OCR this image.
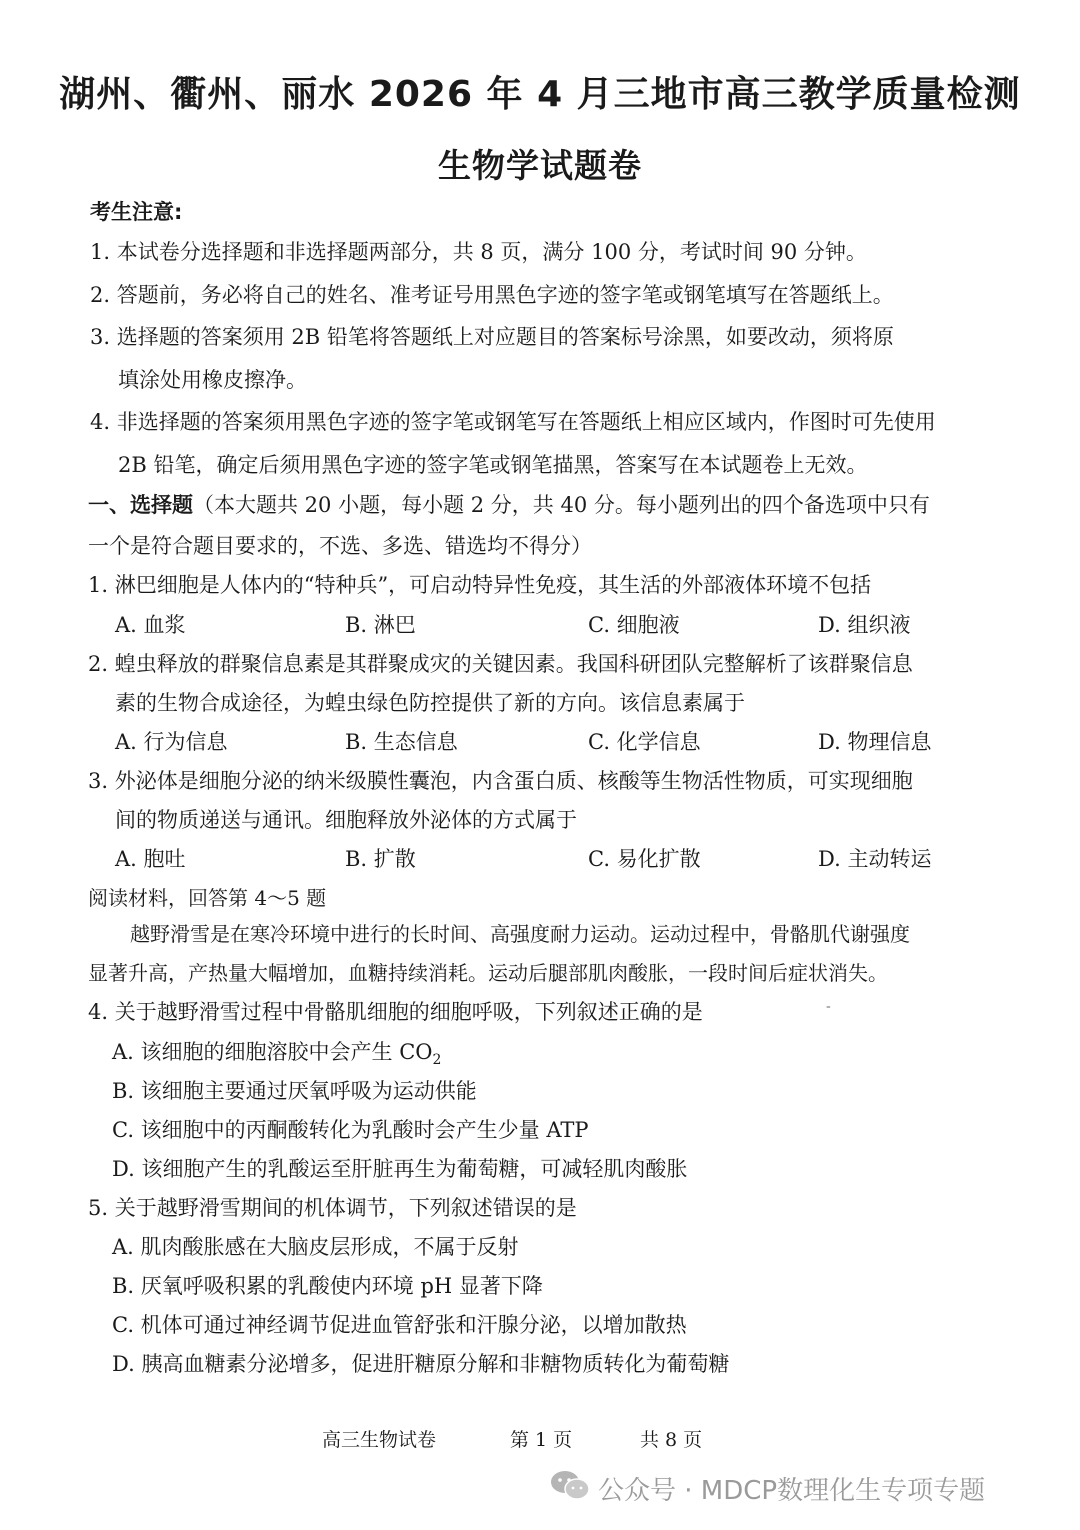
湖州、衢州、丽水 2026 年 4 月三地市高三教学质量检测
生物学试题卷
考生注意:
1. 本试卷分选择题和非选择题两部分，共 8 页，满分 100 分，考试时间 90 分钟。
2. 答题前，务必将自己的姓名、准考证号用黑色字迹的签字笔或钢笔填写在答题纸上。
3. 选择题的答案须用 2B 铅笔将答题纸上对应题目的答案标号涂黑，如要改动，须将原
填涂处用橡皮擦净。
4. 非选择题的答案须用黑色字迹的签字笔或钢笔写在答题纸上相应区域内，作图时可先使用
2B 铅笔，确定后须用黑色字迹的签字笔或钢笔描黑，答案写在本试题卷上无效。
一、选择题（本大题共 20 小题，每小题 2 分，共 40 分。每小题列出的四个备选项中只有
一个是符合题目要求的，不选、多选、错选均不得分）
1. 淋巴细胞是人体内的“特种兵”，可启动特异性免疫，其生活的外部液体环境不包括
A. 血浆	B. 淋巴	C. 细胞液	D. 组织液
2. 蝗虫释放的群聚信息素是其群聚成灾的关键因素。我国科研团队完整解析了该群聚信息
素的生物合成途径，为蝗虫绿色防控提供了新的方向。该信息素属于
A. 行为信息	B. 生态信息	C. 化学信息	D. 物理信息
3. 外泌体是细胞分泌的纳米级膜性囊泡，内含蛋白质、核酸等生物活性物质，可实现细胞
间的物质递送与通讯。细胞释放外泌体的方式属于
A. 胞吐	B. 扩散	C. 易化扩散	D. 主动转运
阅读材料，回答第 4～5 题
越野滑雪是在寒冷环境中进行的长时间、高强度耐力运动。运动过程中，骨骼肌代谢强度
显著升高，产热量大幅增加，血糖持续消耗。运动后腿部肌肉酸胀，一段时间后症状消失。
4. 关于越野滑雪过程中骨骼肌细胞的细胞呼吸，下列叙述正确的是	⁼
A. 该细胞的细胞溶胶中会产生 $CO_2$
B. 该细胞主要通过厌氧呼吸为运动供能
C. 该细胞中的丙酮酸转化为乳酸时会产生少量 ATP
D. 该细胞产生的乳酸运至肝脏再生为葡萄糖，可减轻肌肉酸胀
5. 关于越野滑雪期间的机体调节，下列叙述错误的是
A. 肌肉酸胀感在大脑皮层形成，不属于反射
B. 厌氧呼吸积累的乳酸使内环境 pH 显著下降
C. 机体可通过神经调节促进血管舒张和汗腺分泌，以增加散热
D. 胰高血糖素分泌增多，促进肝糖原分解和非糖物质转化为葡萄糖
高三生物试卷	第 1 页	共 8 页
公众号 · MDCP数理化生专项专题
